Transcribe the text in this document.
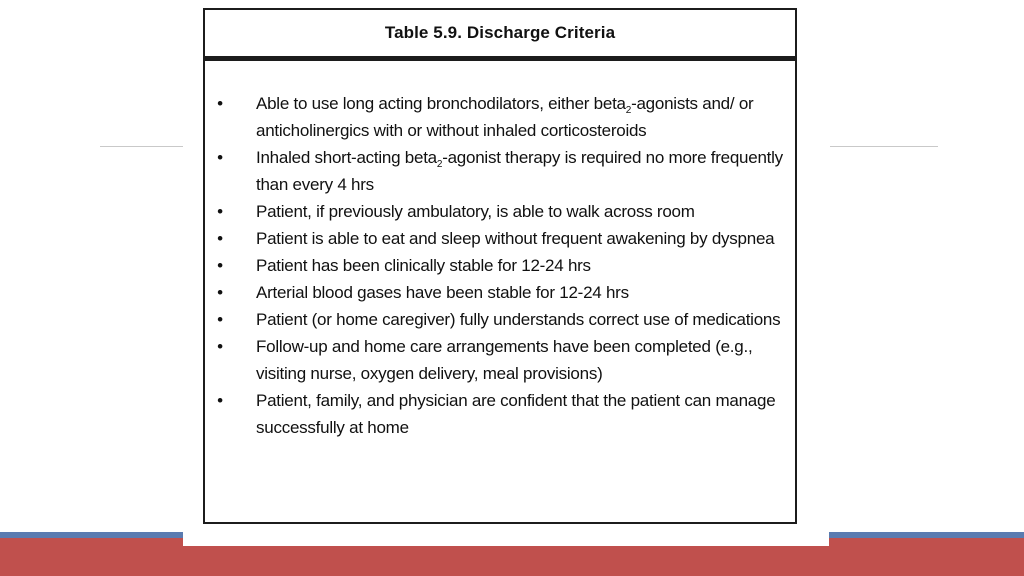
Table 5.9. Discharge Criteria
• Able to use long acting bronchodilators, either beta$_2$-agonists and/ or anticholinergics with or without inhaled corticosteroids
• Inhaled short-acting beta$_2$-agonist therapy is required no more frequently than every 4 hrs
• Patient, if previously ambulatory, is able to walk across room
• Patient is able to eat and sleep without frequent awakening by dyspnea
• Patient has been clinically stable for 12-24 hrs
• Arterial blood gases have been stable for 12-24 hrs
• Patient (or home caregiver) fully understands correct use of medications
• Follow-up and home care arrangements have been completed (e.g., visiting nurse, oxygen delivery, meal provisions)
• Patient, family, and physician are confident that the patient can manage successfully at home
